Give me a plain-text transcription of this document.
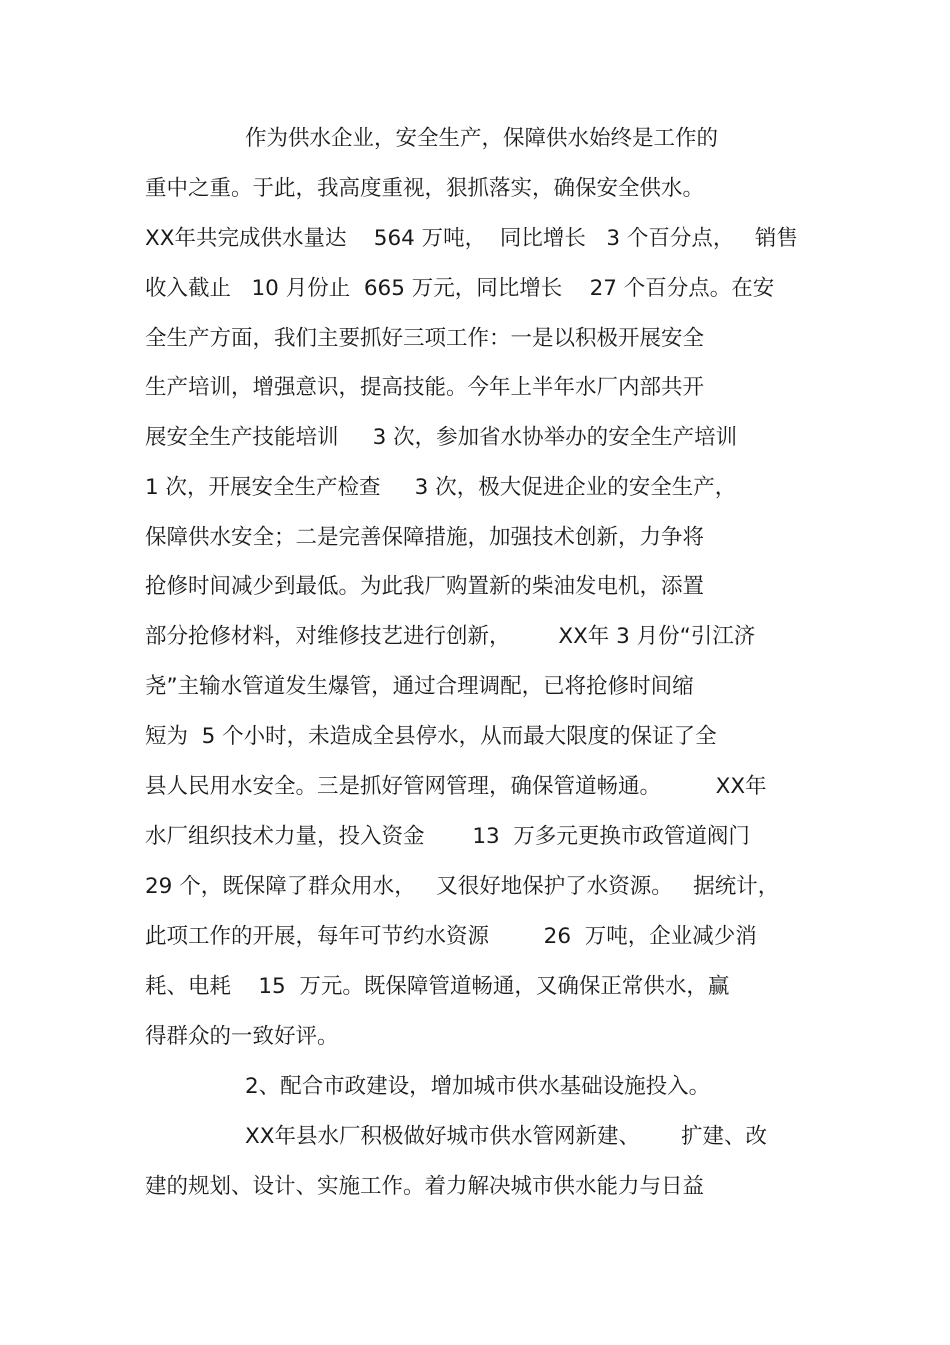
作为供水企业，安全生产，保障供水始终是工作的
重中之重。于此，我高度重视，狠抓落实，确保安全供水。
XX年共完成供水量达    564 万吨，  同比增长   3 个百分点，   销售
收入截止   10 月份止  665 万元，同比增长    27 个百分点。在安
全生产方面，我们主要抓好三项工作：一是以积极开展安全
生产培训，增强意识，提高技能。今年上半年水厂内部共开
展安全生产技能培训     3 次，参加省水协举办的安全生产培训
1 次，开展安全生产检查     3 次，极大促进企业的安全生产，
保障供水安全；二是完善保障措施，加强技术创新，力争将
抢修时间减少到最低。为此我厂购置新的柴油发电机，添置
部分抢修材料，对维修技艺进行创新，       XX年 3 月份“引江济
尧”主输水管道发生爆管，通过合理调配，已将抢修时间缩
短为  5 个小时，未造成全县停水，从而最大限度的保证了全
县人民用水安全。三是抓好管网管理，确保管道畅通。        XX年
水厂组织技术力量，投入资金       13  万多元更换市政管道阀门
29 个，既保障了群众用水，   又很好地保护了水资源。   据统计，
此项工作的开展，每年可节约水资源        26  万吨，企业减少消
耗、电耗    15  万元。既保障管道畅通，又确保正常供水，赢
得群众的一致好评。
2、配合市政建设，增加城市供水基础设施投入。
XX年县水厂积极做好城市供水管网新建、      扩建、改
建的规划、设计、实施工作。着力解决城市供水能力与日益
